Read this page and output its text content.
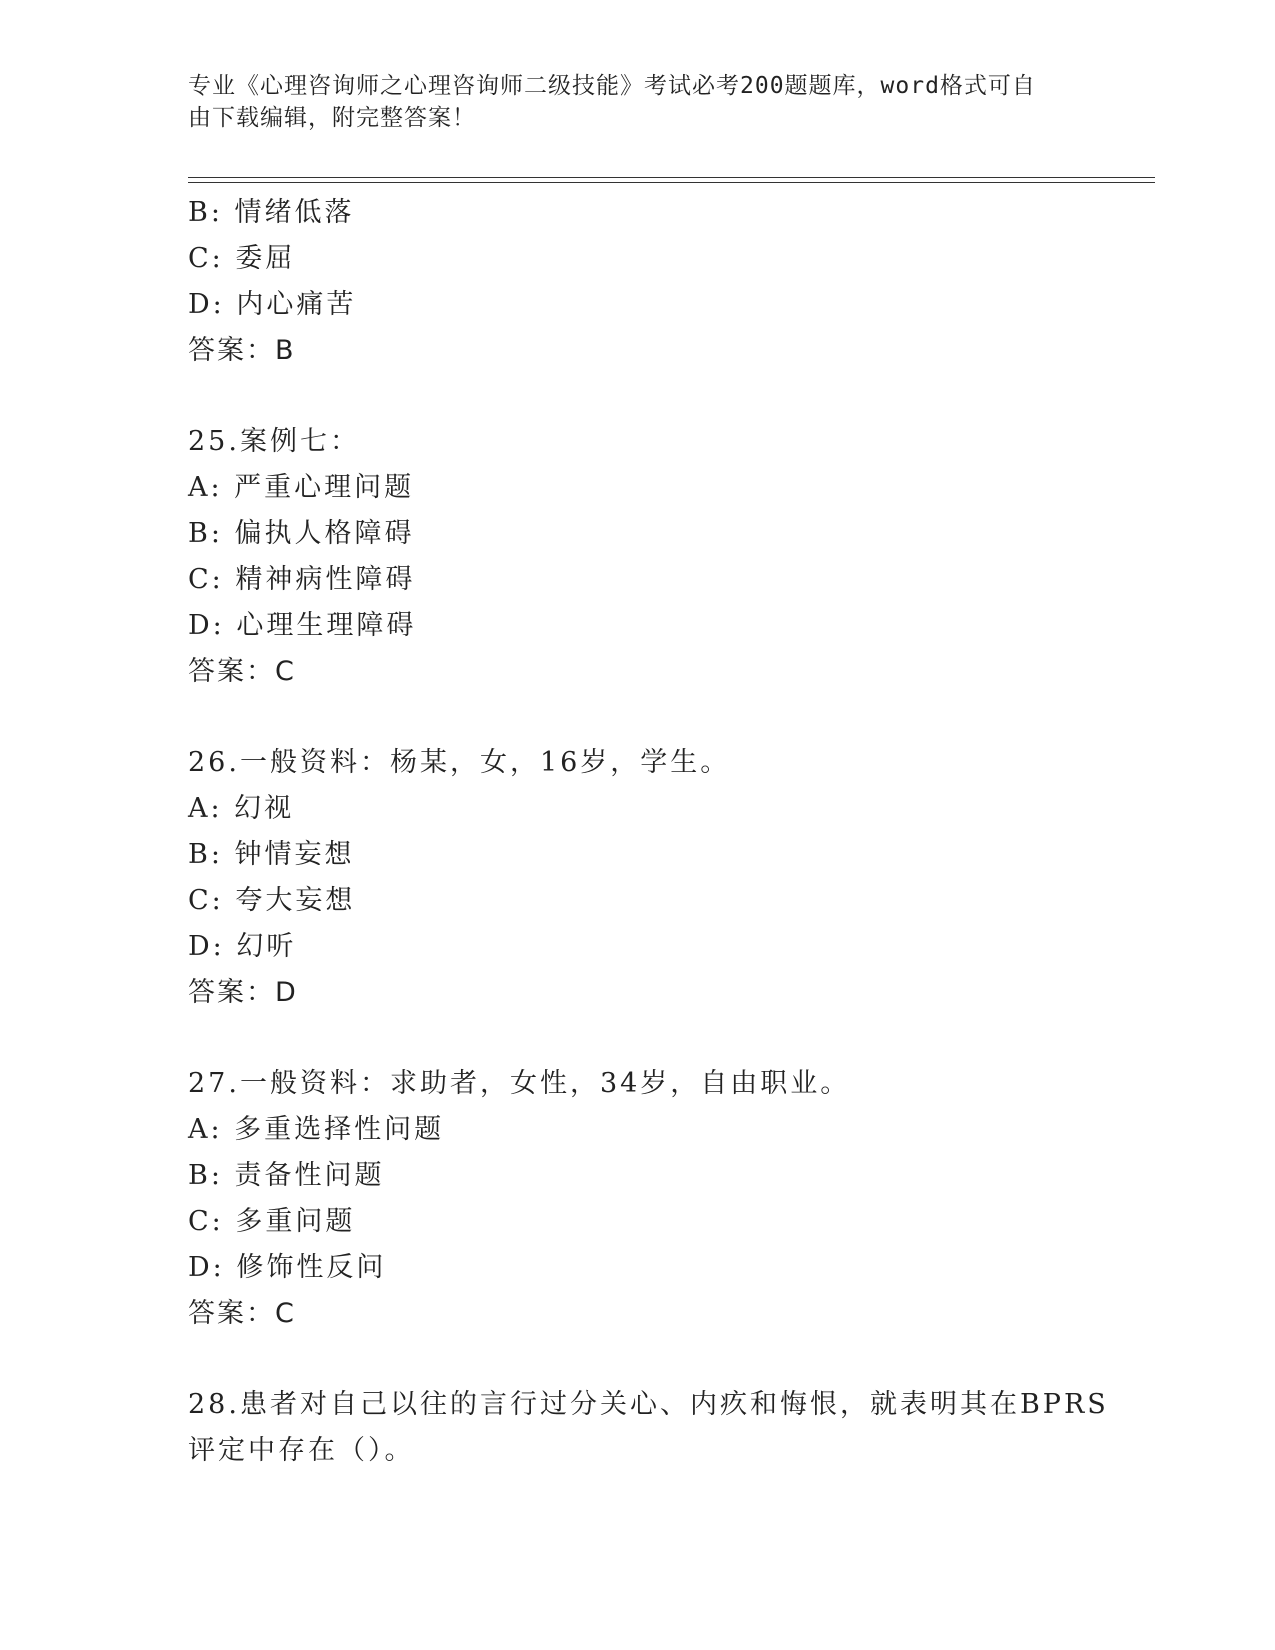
专业《心理咨询师之心理咨询师二级技能》考试必考200题题库，word格式可自
由下载编辑，附完整答案！
B: 情绪低落
C: 委屈
D: 内心痛苦
答案：B
25.案例七：
A: 严重心理问题
B: 偏执人格障碍
C: 精神病性障碍
D: 心理生理障碍
答案：C
26.一般资料：杨某，女，16岁，学生。
A: 幻视
B: 钟情妄想
C: 夸大妄想
D: 幻听
答案：D
27.一般资料：求助者，女性，34岁，自由职业。
A: 多重选择性问题
B: 责备性问题
C: 多重问题
D: 修饰性反问
答案：C
28.患者对自己以往的言行过分关心、内疚和悔恨，就表明其在BPRS
评定中存在（）。
